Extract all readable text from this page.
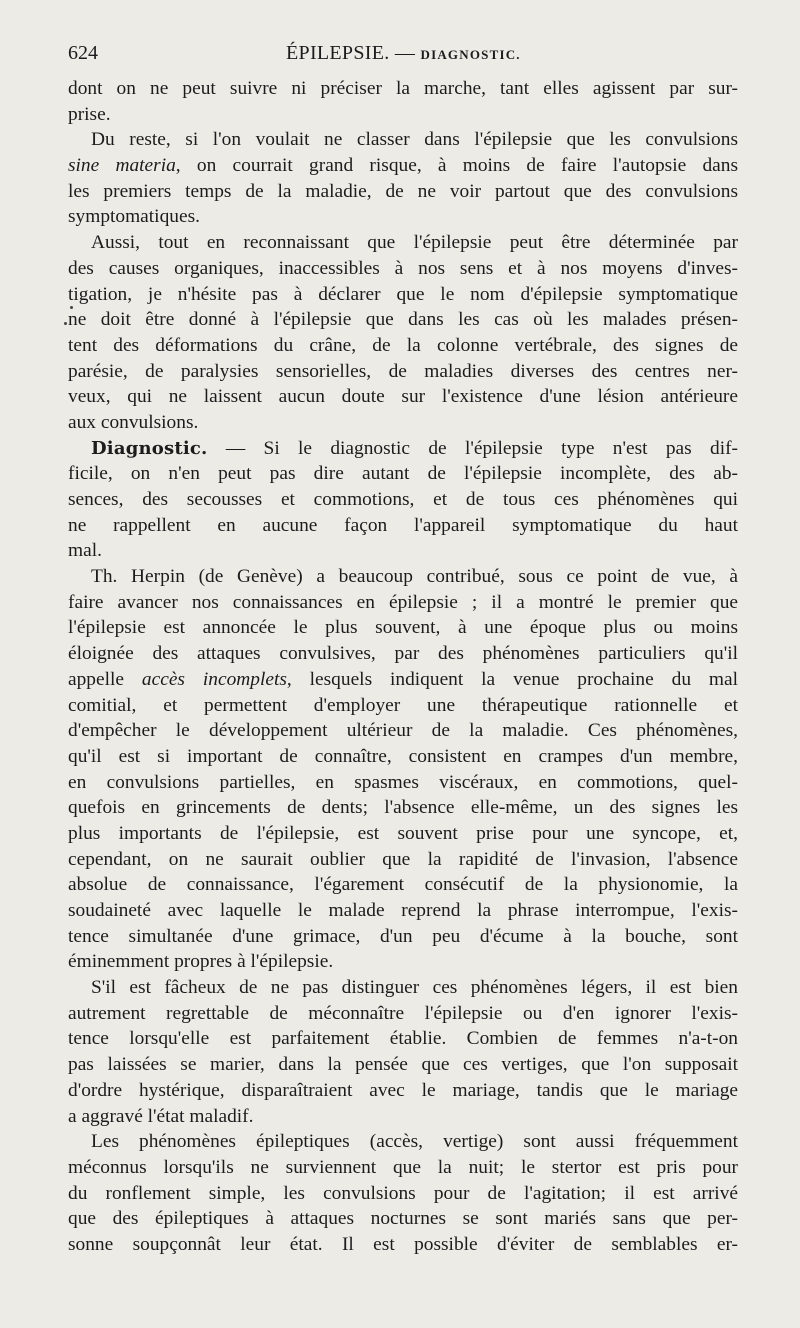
624	ÉPILEPSIE. — DIAGNOSTIC.
dont on ne peut suivre ni préciser la marche, tant elles agissent par sur-
prise.
Du reste, si l'on voulait ne classer dans l'épilepsie que les convulsions
sine materia, on courrait grand risque, à moins de faire l'autopsie dans
les premiers temps de la maladie, de ne voir partout que des convulsions
symptomatiques.
Aussi, tout en reconnaissant que l'épilepsie peut être déterminée par
des causes organiques, inaccessibles à nos sens et à nos moyens d'inves-
tigation, je n'hésite pas à déclarer que le nom d'épilepsie symptomatique
ne doit être donné à l'épilepsie que dans les cas où les malades présen-
tent des déformations du crâne, de la colonne vertébrale, des signes de
parésie, de paralysies sensorielles, de maladies diverses des centres ner-
veux, qui ne laissent aucun doute sur l'existence d'une lésion antérieure
aux convulsions.
Diagnostic. — Si le diagnostic de l'épilepsie type n'est pas dif-
ficile, on n'en peut pas dire autant de l'épilepsie incomplète, des ab-
sences, des secousses et commotions, et de tous ces phénomènes qui
ne rappellent en aucune façon l'appareil symptomatique du haut
mal.
Th. Herpin (de Genève) a beaucoup contribué, sous ce point de vue, à
faire avancer nos connaissances en épilepsie ; il a montré le premier que
l'épilepsie est annoncée le plus souvent, à une époque plus ou moins
éloignée des attaques convulsives, par des phénomènes particuliers qu'il
appelle accès incomplets, lesquels indiquent la venue prochaine du mal
comitial, et permettent d'employer une thérapeutique rationnelle et
d'empêcher le développement ultérieur de la maladie. Ces phénomènes,
qu'il est si important de connaître, consistent en crampes d'un membre,
en convulsions partielles, en spasmes viscéraux, en commotions, quel-
quefois en grincements de dents; l'absence elle-même, un des signes les
plus importants de l'épilepsie, est souvent prise pour une syncope, et,
cependant, on ne saurait oublier que la rapidité de l'invasion, l'absence
absolue de connaissance, l'égarement consécutif de la physionomie, la
soudaineté avec laquelle le malade reprend la phrase interrompue, l'exis-
tence simultanée d'une grimace, d'un peu d'écume à la bouche, sont
éminemment propres à l'épilepsie.
S'il est fâcheux de ne pas distinguer ces phénomènes légers, il est bien
autrement regrettable de méconnaître l'épilepsie ou d'en ignorer l'exis-
tence lorsqu'elle est parfaitement établie. Combien de femmes n'a-t-on
pas laissées se marier, dans la pensée que ces vertiges, que l'on supposait
d'ordre hystérique, disparaîtraient avec le mariage, tandis que le mariage
a aggravé l'état maladif.
Les phénomènes épileptiques (accès, vertige) sont aussi fréquemment
méconnus lorsqu'ils ne surviennent que la nuit; le stertor est pris pour
du ronflement simple, les convulsions pour de l'agitation; il est arrivé
que des épileptiques à attaques nocturnes se sont mariés sans que per-
sonne soupçonnât leur état. Il est possible d'éviter de semblables er-
